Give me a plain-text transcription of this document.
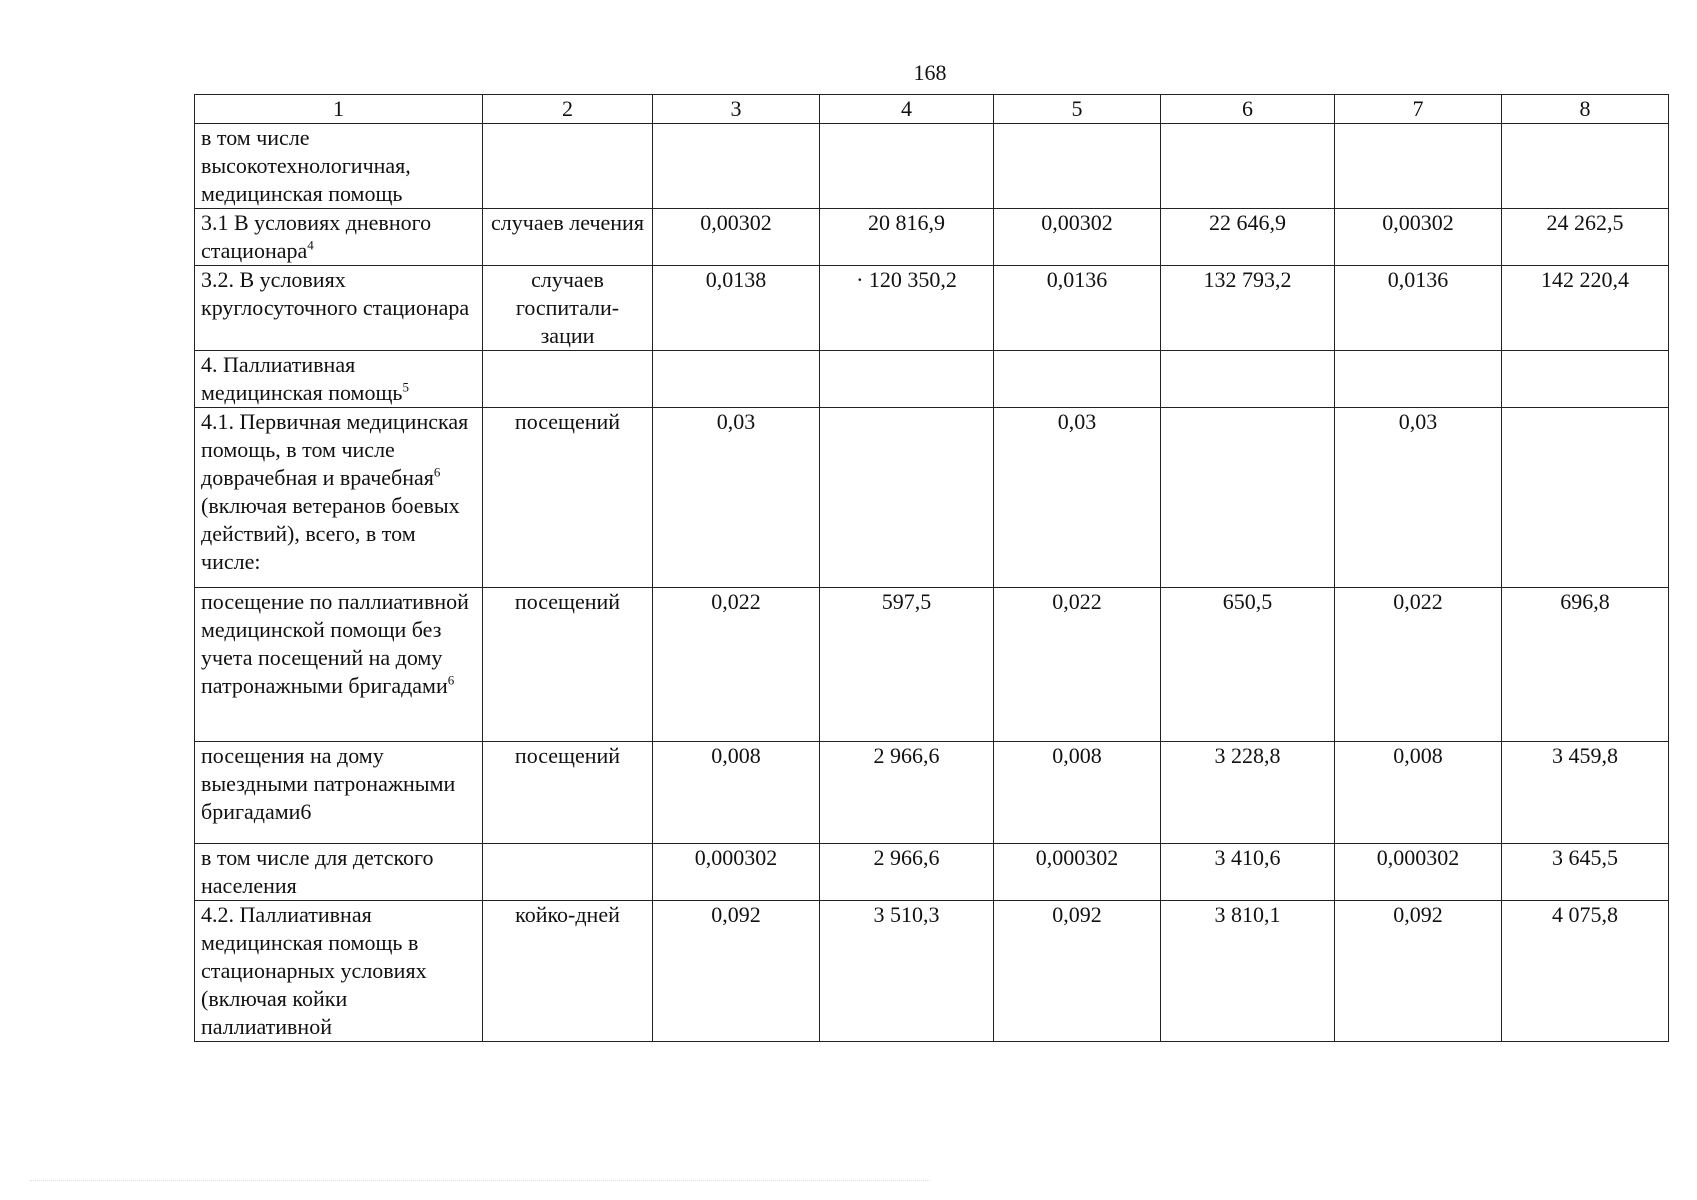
168
1	2	3	4	5	6	7	8
в том числе высокотехнологичная, медицинская помощь							
3.1 В условиях дневного стационара$^4$	случаев лечения	0,00302	20 816,9	0,00302	22 646,9	0,00302	24 262,5
3.2. В условиях круглосуточного стационара	случаев госпитали-зации	0,0138	· 120 350,2	0,0136	132 793,2	0,0136	142 220,4
4. Паллиативная медицинская помощь$^5$							
4.1. Первичная медицинская помощь, в том числе доврачебная и врачебная$^6$ (включая ветеранов боевых действий), всего, в том числе:	посещений	0,03		0,03		0,03	
посещение по паллиативной медицинской помощи без учета посещений на дому патронажными бригадами$^6$	посещений	0,022	597,5	0,022	650,5	0,022	696,8
посещения на дому выездными патронажными бригадами6	посещений	0,008	2 966,6	0,008	3 228,8	0,008	3 459,8
в том числе для детского населения		0,000302	2 966,6	0,000302	3 410,6	0,000302	3 645,5
4.2. Паллиативная медицинская помощь в стационарных условиях (включая койки паллиативной	койко-дней	0,092	3 510,3	0,092	3 810,1	0,092	4 075,8
